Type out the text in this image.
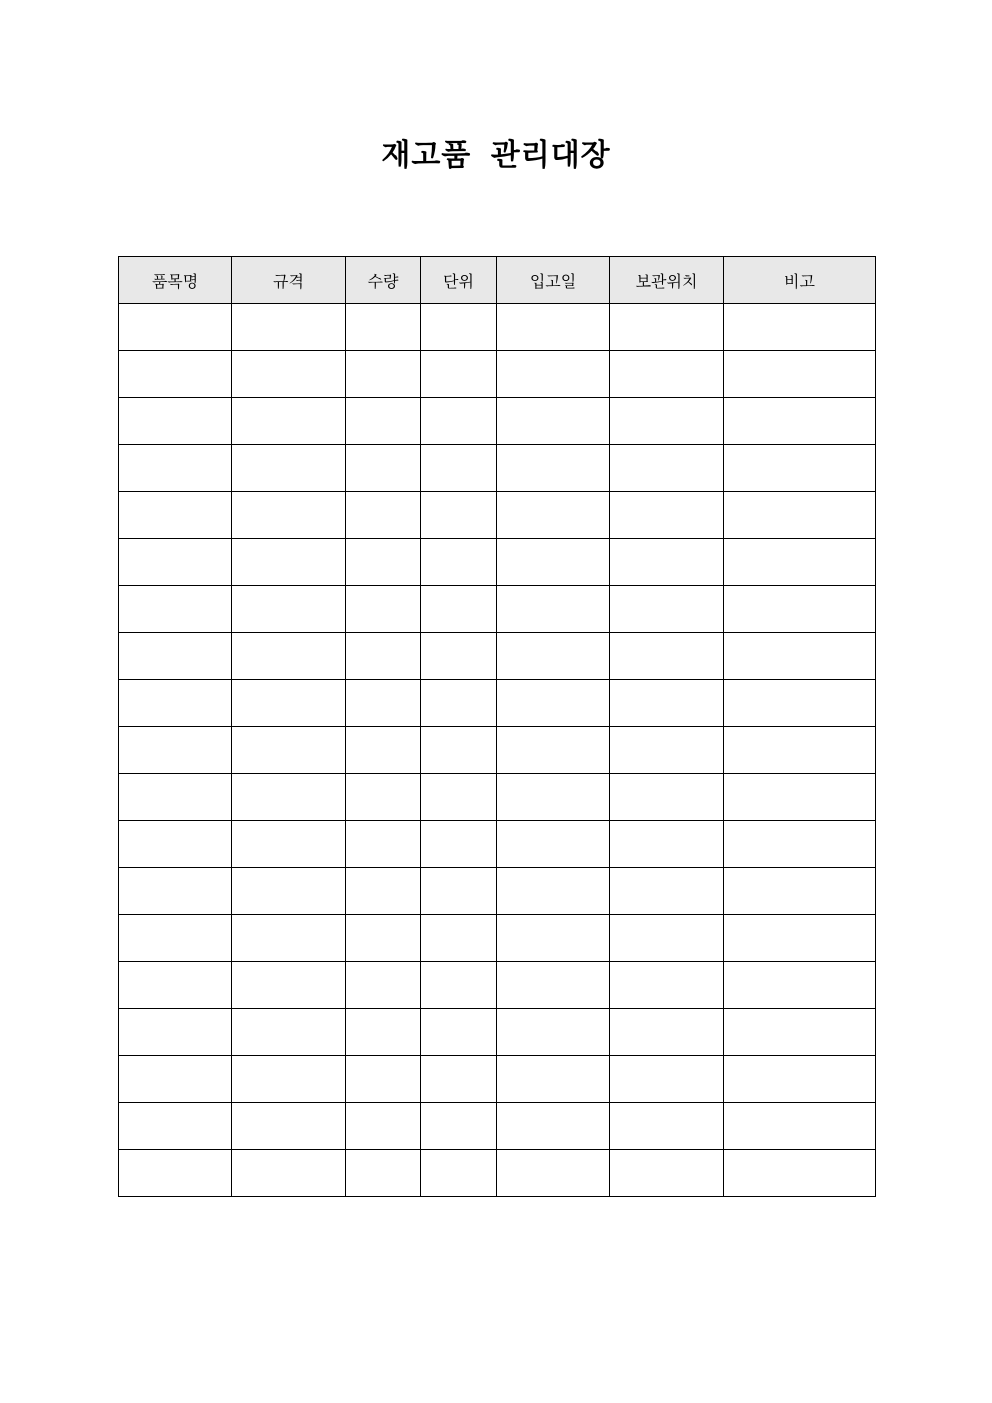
재고품 관리대장
품목명	규격	수량	단위	입고일	보관위치	비고
